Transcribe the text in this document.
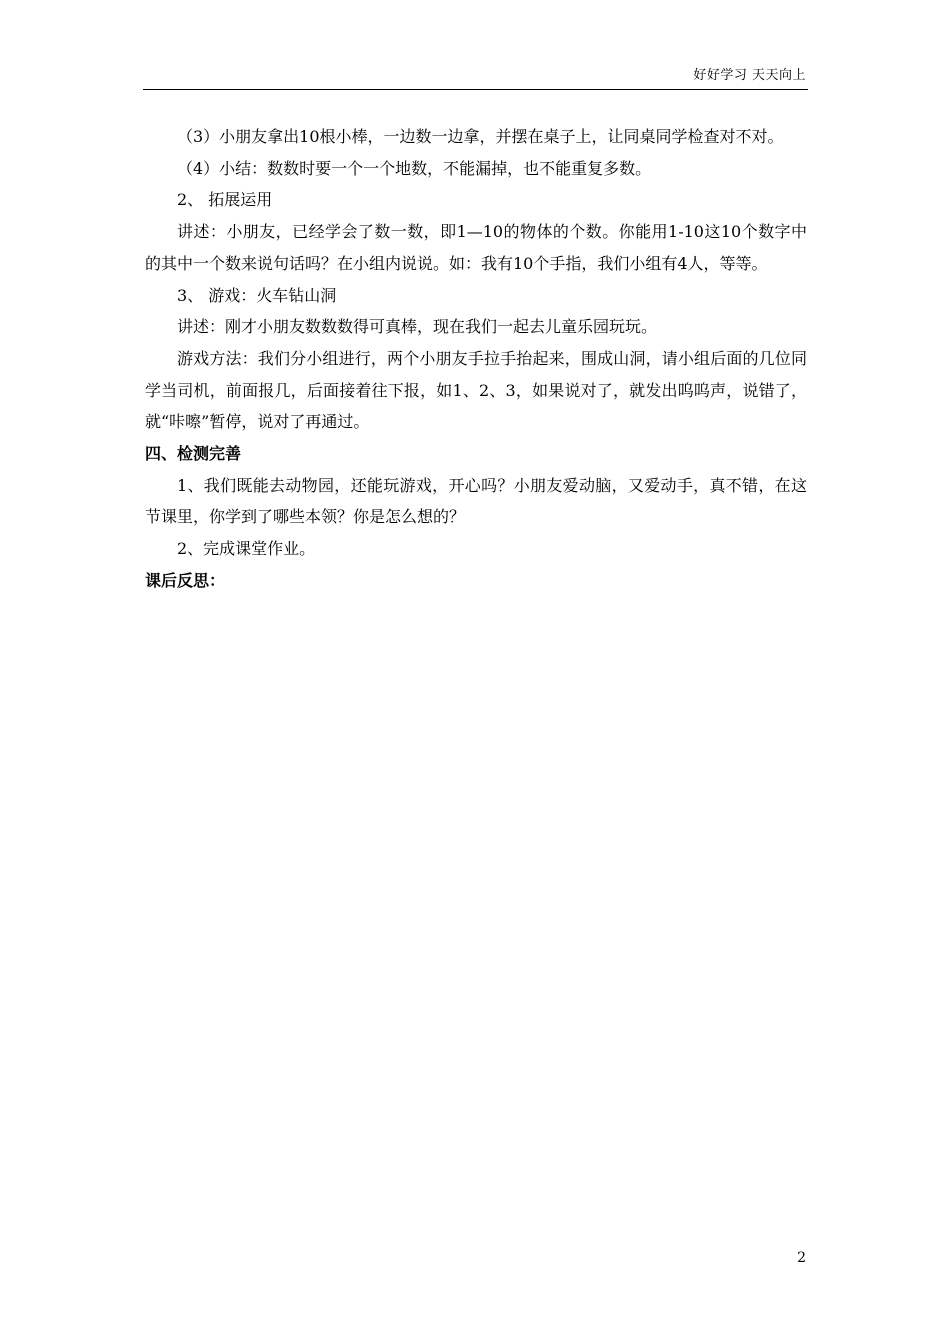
好好学习 天天向上

（3）小朋友拿出10根小棒，一边数一边拿，并摆在桌子上，让同桌同学检查对不对。

（4）小结：数数时要一个一个地数，不能漏掉，也不能重复多数。

2、 拓展运用

讲述：小朋友，已经学会了数一数，即1—10的物体的个数。你能用1-10这10个数字中的其中一个数来说句话吗？在小组内说说。如：我有10个手指，我们小组有4人，等等。

3、 游戏：火车钻山洞

讲述：刚才小朋友数数数得可真棒，现在我们一起去儿童乐园玩玩。

游戏方法：我们分小组进行，两个小朋友手拉手抬起来，围成山洞，请小组后面的几位同学当司机，前面报几，后面接着往下报，如1、2、3，如果说对了，就发出呜呜声，说错了，就“咔嚓”暂停，说对了再通过。

四、检测完善

1、我们既能去动物园，还能玩游戏，开心吗？小朋友爱动脑，又爱动手，真不错，在这节课里，你学到了哪些本领？你是怎么想的？

2、完成课堂作业。

课后反思：

2
